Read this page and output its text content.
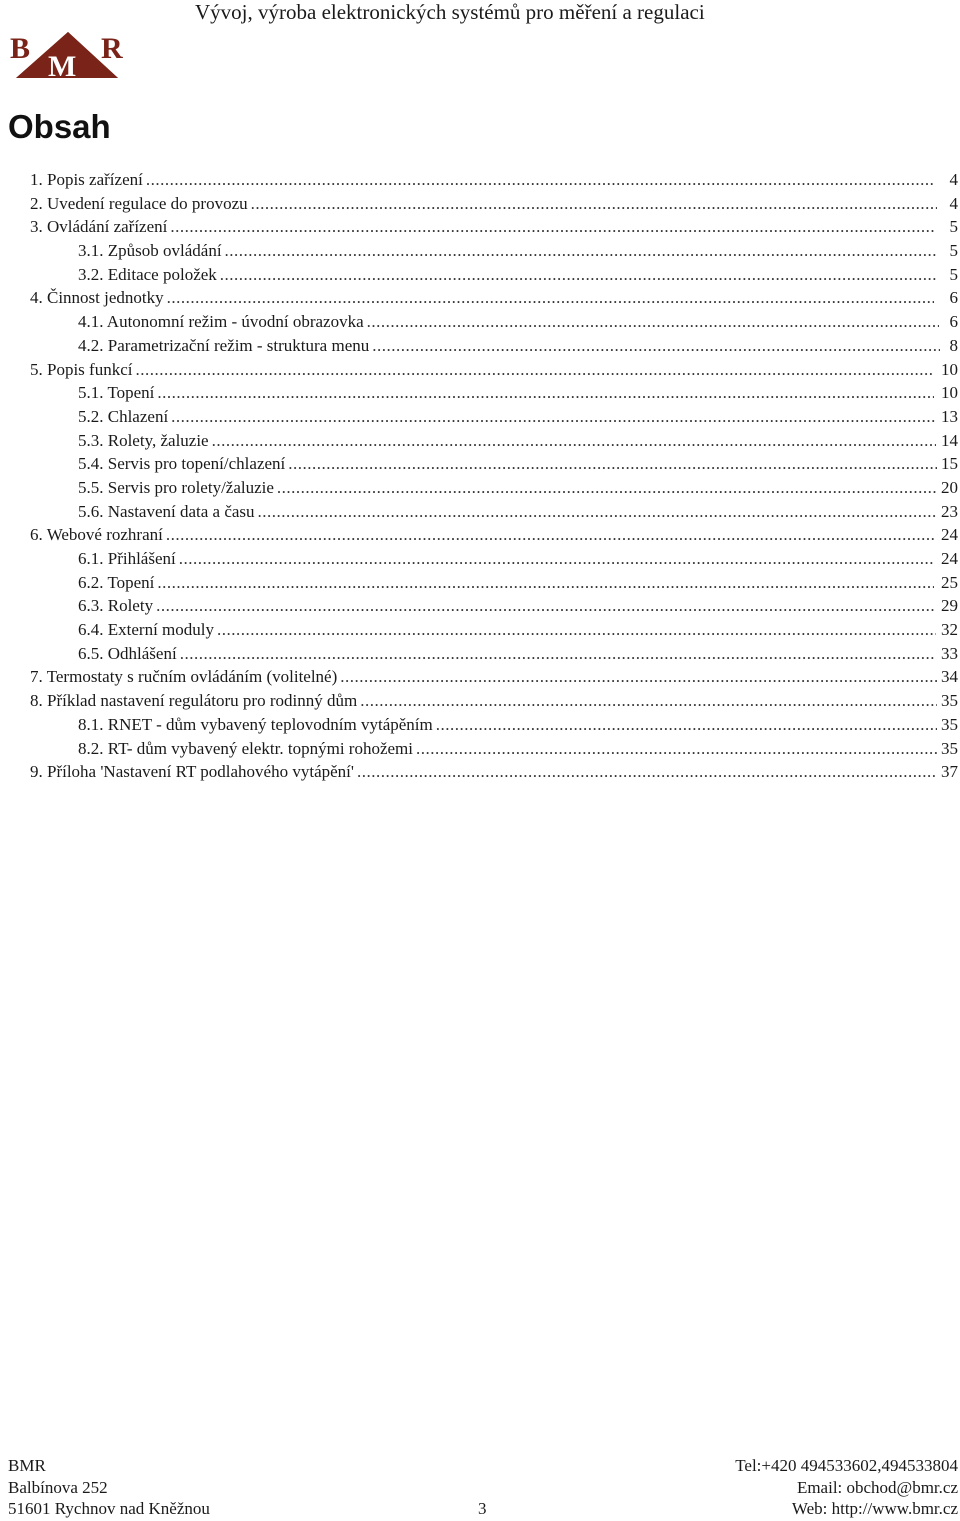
Vývoj, výroba elektronických systémů pro měření a regulaci
B R
M
Obsah
1. Popis zařízení .....	4
2. Uvedení regulace do provozu .....	4
3. Ovládání zařízení .....	5
3.1. Způsob ovládání .....	5
3.2. Editace položek .....	5
4. Činnost jednotky .....	6
4.1. Autonomní režim - úvodní obrazovka .....	6
4.2. Parametrizační režim - struktura menu .....	8
5. Popis funkcí .....	10
5.1. Topení .....	10
5.2. Chlazení .....	13
5.3. Rolety, žaluzie .....	14
5.4. Servis pro topení/chlazení .....	15
5.5. Servis pro rolety/žaluzie .....	20
5.6. Nastavení data a času .....	23
6. Webové rozhraní .....	24
6.1. Přihlášení .....	24
6.2. Topení .....	25
6.3. Rolety .....	29
6.4. Externí moduly .....	32
6.5. Odhlášení .....	33
7. Termostaty s ručním ovládáním (volitelné) .....	34
8. Příklad nastavení regulátoru pro rodinný dům .....	35
8.1. RNET - dům vybavený teplovodním vytápěním .....	35
8.2. RT- dům vybavený elektr. topnými rohožemi .....	35
9. Příloha 'Nastavení RT podlahového vytápění' .....	37
BMR
Balbínova 252
51601 Rychnov nad Kněžnou	3
Tel:+420 494533602,494533804
Email: obchod@bmr.cz
Web: http://www.bmr.cz
